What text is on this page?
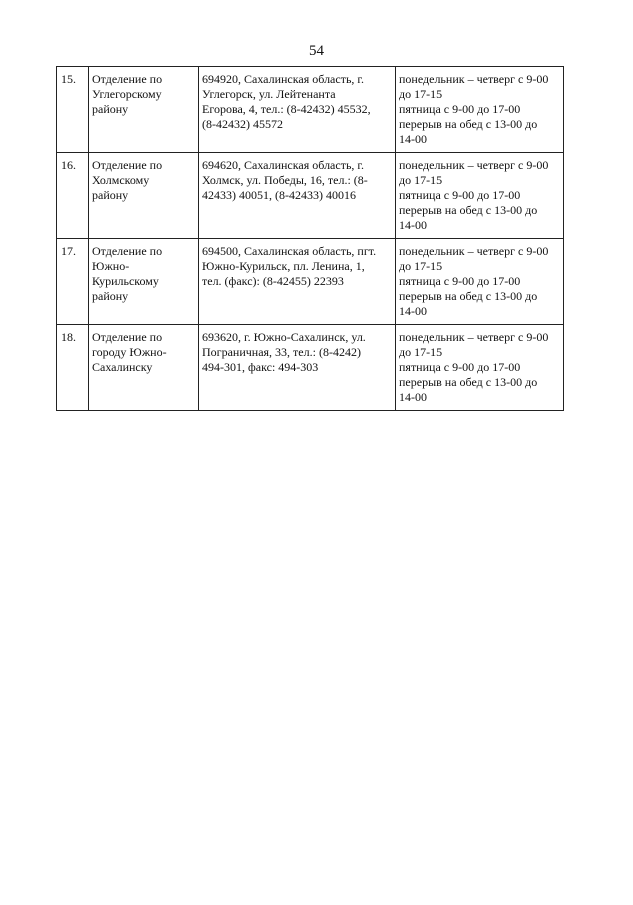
54
15.	Отделение по
Углегорскому
району	694920, Сахалинская область, г.
Углегорск, ул. Лейтенанта
Егорова, 4, тел.: (8-42432) 45532,
(8-42432) 45572	понедельник – четверг с 9-00
до 17-15
пятница с 9-00 до 17-00
перерыв на обед с 13-00 до
14-00
16.	Отделение по
Холмскому
району	694620, Сахалинская область, г.
Холмск, ул. Победы, 16, тел.: (8-
42433) 40051, (8-42433) 40016	понедельник – четверг с 9-00
до 17-15
пятница с 9-00 до 17-00
перерыв на обед с 13-00 до
14-00
17.	Отделение по
Южно-
Курильскому
району	694500, Сахалинская область, пгт.
Южно-Курильск, пл. Ленина, 1,
тел. (факс): (8-42455) 22393	понедельник – четверг с 9-00
до 17-15
пятница с 9-00 до 17-00
перерыв на обед с 13-00 до
14-00
18.	Отделение по
городу Южно-
Сахалинску	693620, г. Южно-Сахалинск, ул.
Пограничная, 33, тел.: (8-4242)
494-301, факс: 494-303	понедельник – четверг с 9-00
до 17-15
пятница с 9-00 до 17-00
перерыв на обед с 13-00 до
14-00
